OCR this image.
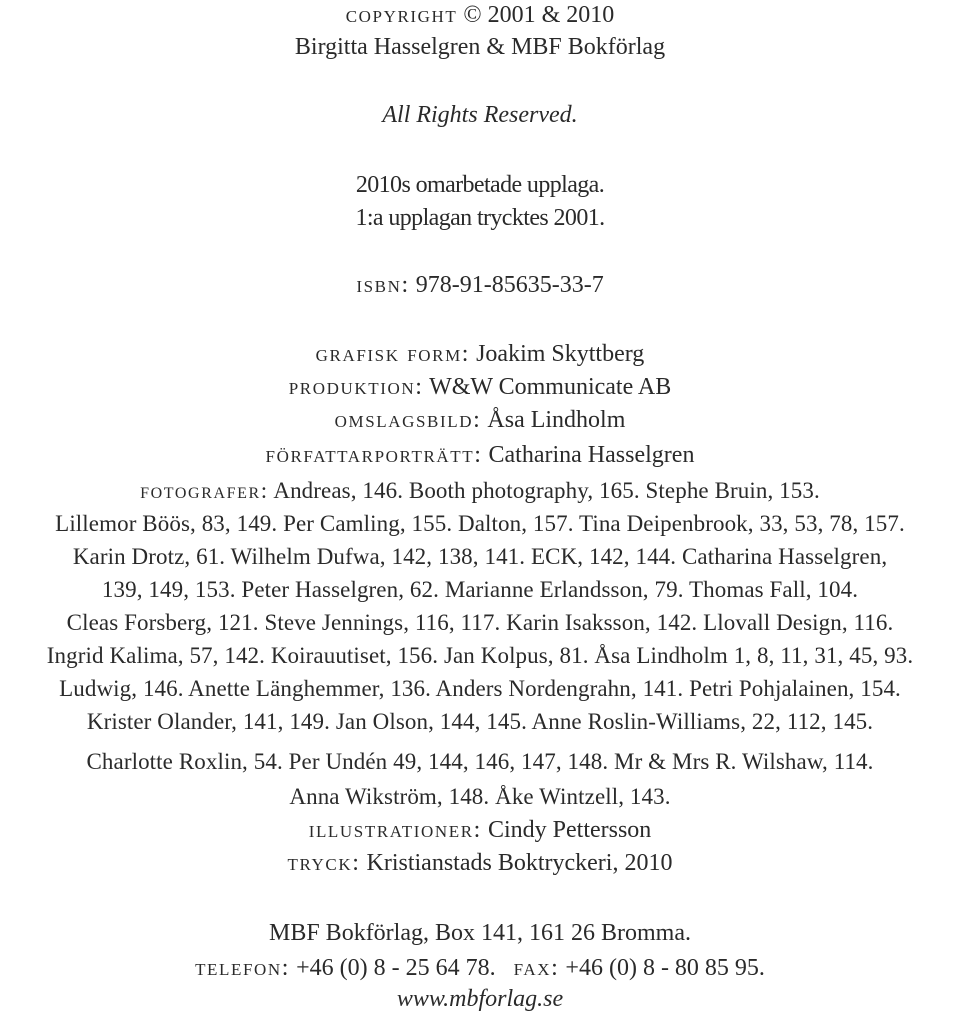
copyright © 2001 & 2010
Birgitta Hasselgren & MBF Bokförlag
All Rights Reserved.
2010s omarbetade upplaga.
1:a upplagan trycktes 2001.
isbn: 978-91-85635-33-7
grafisk form: Joakim Skyttberg
produktion: W&W Communicate AB
omslagsbild: Åsa Lindholm
författarporträtt: Catharina Hasselgren
fotografer: Andreas, 146. Booth photography, 165. Stephe Bruin, 153.
Lillemor Böös, 83, 149. Per Camling, 155. Dalton, 157. Tina Deipenbrook, 33, 53, 78, 157.
Karin Drotz, 61. Wilhelm Dufwa, 142, 138, 141. ECK, 142, 144. Catharina Hasselgren,
139, 149, 153. Peter Hasselgren, 62. Marianne Erlandsson, 79. Thomas Fall, 104.
Cleas Forsberg, 121. Steve Jennings, 116, 117. Karin Isaksson, 142. Llovall Design, 116.
Ingrid Kalima, 57, 142. Koirauutiset, 156. Jan Kolpus, 81. Åsa Lindholm 1, 8, 11, 31, 45, 93.
Ludwig, 146. Anette Länghemmer, 136. Anders Nordengrahn, 141. Petri Pohjalainen, 154.
Krister Olander, 141, 149. Jan Olson, 144, 145. Anne Roslin-Williams, 22, 112, 145.
Charlotte Roxlin, 54. Per Undén 49, 144, 146, 147, 148. Mr & Mrs R. Wilshaw, 114.
Anna Wikström, 148. Åke Wintzell, 143.
illustrationer: Cindy Pettersson
tryck: Kristianstads Boktryckeri, 2010
MBF Bokförlag, Box 141, 161 26 Bromma.
telefon: +46 (0) 8 - 25 64 78. fax: +46 (0) 8 - 80 85 95.
www.mbforlag.se
